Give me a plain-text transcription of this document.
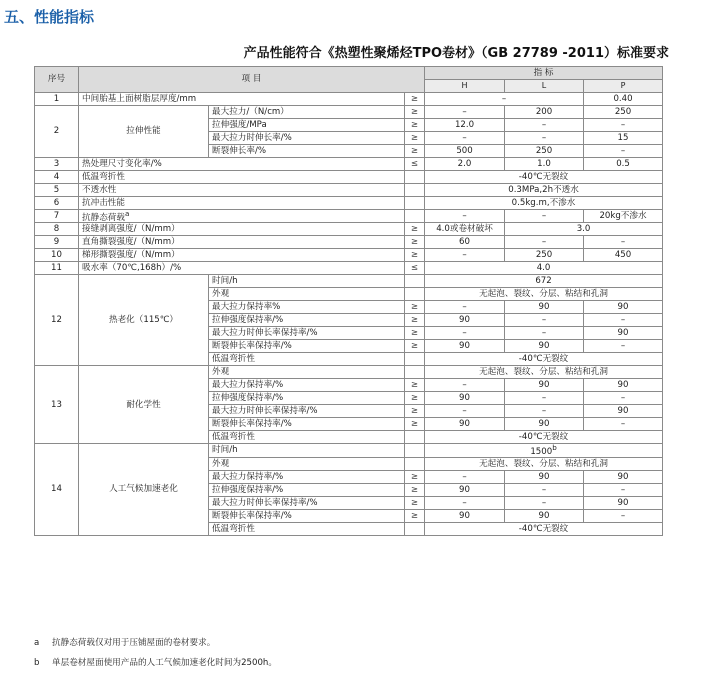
五、性能指标
产品性能符合《热塑性聚烯烃TPO卷材》（GB 27789 -2011）标准要求
序号	项 目			指 标		
				H	L	P
1	中间胎基上面树脂层厚度/mm		≥	–		0.40
2	拉伸性能	最大拉力/（N/cm）	≥	–	200	250
		拉伸强度/MPa	≥	12.0	–	–
		最大拉力时伸长率/%	≥	–	–	15
		断裂伸长率/%	≥	500	250	–
3	热处理尺寸变化率/%		≤	2.0	1.0	0.5
4	低温弯折性			-40℃无裂纹		
5	不透水性			0.3MPa,2h不透水		
6	抗冲击性能			0.5kg.m,不渗水		
7	抗静态荷载$^a$			–	–	20kg不渗水
8	接缝剥离强度/（N/mm）		≥	4.0或卷材破坏	3.0	
9	直角撕裂强度/（N/mm）		≥	60	–	–
10	梯形撕裂强度/（N/mm）		≥	–	250	450
11	吸水率（70℃,168h）/%		≤	4.0		
12	热老化（115℃）	时间/h		672		
		外观		无起泡、裂纹、分层、粘结和孔洞		
		最大拉力保持率%	≥	–	90	90
		拉伸强度保持率/%	≥	90	–	–
		最大拉力时伸长率保持率/%	≥	–	–	90
		断裂伸长率保持率/%	≥	90	90	–
		低温弯折性		-40℃无裂纹		
13	耐化学性	外观		无起泡、裂纹、分层、粘结和孔洞		
		最大拉力保持率/%	≥	–	90	90
		拉伸强度保持率/%	≥	90	–	–
		最大拉力时伸长率保持率/%	≥	–	–	90
		断裂伸长率保持率/%	≥	90	90	–
		低温弯折性		-40℃无裂纹		
14	人工气候加速老化	时间/h		1500$^b$
		外观		无起泡、裂纹、分层、粘结和孔洞		
		最大拉力保持率/%	≥	–	90	90
		拉伸强度保持率/%	≥	90	–	–
		最大拉力时伸长率保持率/%	≥	–	–	90
		断裂伸长率保持率/%	≥	90	90	–
		低温弯折性		-40℃无裂纹		

a 抗静态荷载仅对用于压铺屋面的卷材要求。

b 单层卷材屋面使用产品的人工气候加速老化时间为2500h。
